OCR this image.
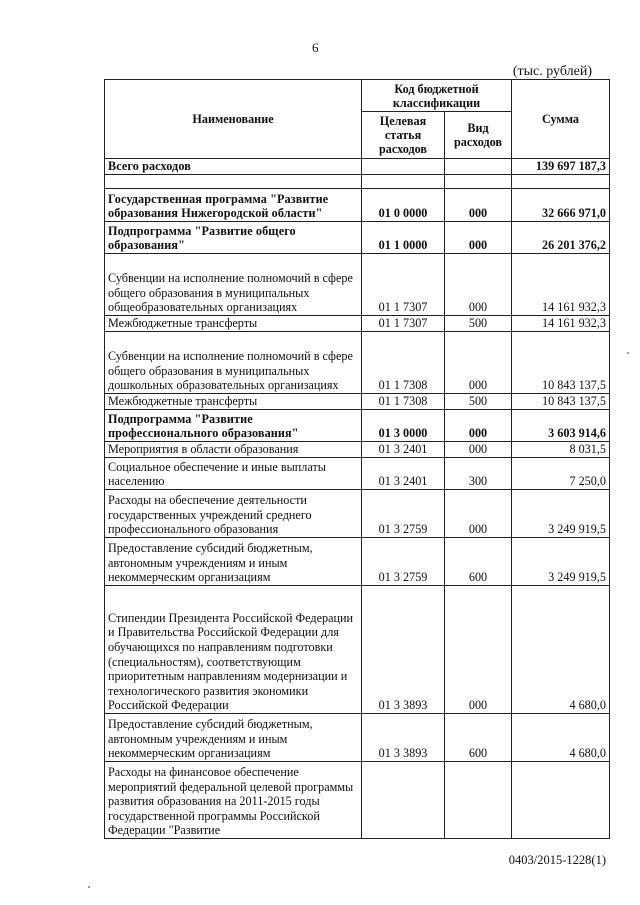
6
(тыс. рублей)
Наименование	Код бюджетной классификации		Сумма
	Целевая статья расходов	Вид расходов	
Всего расходов			139 697 187,3

Государственная программа "Развитие образования Нижегородской области"	01 0 0000	000	32 666 971,0
Подпрограмма "Развитие общего образования"	01 1 0000	000	26 201 376,2
Субвенции на исполнение полномочий в сфере общего образования в муниципальных общеобразовательных организациях	01 1 7307	000	14 161 932,3
Межбюджетные трансферты	01 1 7307	500	14 161 932,3
Субвенции на исполнение полномочий в сфере общего образования в муниципальных дошкольных образовательных организациях	01 1 7308	000	10 843 137,5
Межбюджетные трансферты	01 1 7308	500	10 843 137,5
Подпрограмма "Развитие профессионального образования"	01 3 0000	000	3 603 914,6
Мероприятия в области образования	01 3 2401	000	8 031,5
Социальное обеспечение и иные выплаты населению	01 3 2401	300	7 250,0
Расходы на обеспечение деятельности государственных учреждений среднего профессионального образования	01 3 2759	000	3 249 919,5
Предоставление субсидий бюджетным, автономным учреждениям и иным некоммерческим организациям	01 3 2759	600	3 249 919,5
Стипендии Президента Российской Федерации и Правительства Российской Федерации для обучающихся по направлениям подготовки (специальностям), соответствующим приоритетным направлениям модернизации и технологического развития экономики Российской Федерации	01 3 3893	000	4 680,0
Предоставление субсидий бюджетным, автономным учреждениям и иным некоммерческим организациям	01 3 3893	600	4 680,0
Расходы на финансовое обеспечение мероприятий федеральной целевой программы развития образования на 2011-2015 годы государственной программы Российской Федерации "Развитие			
0403/2015-1228(1)
